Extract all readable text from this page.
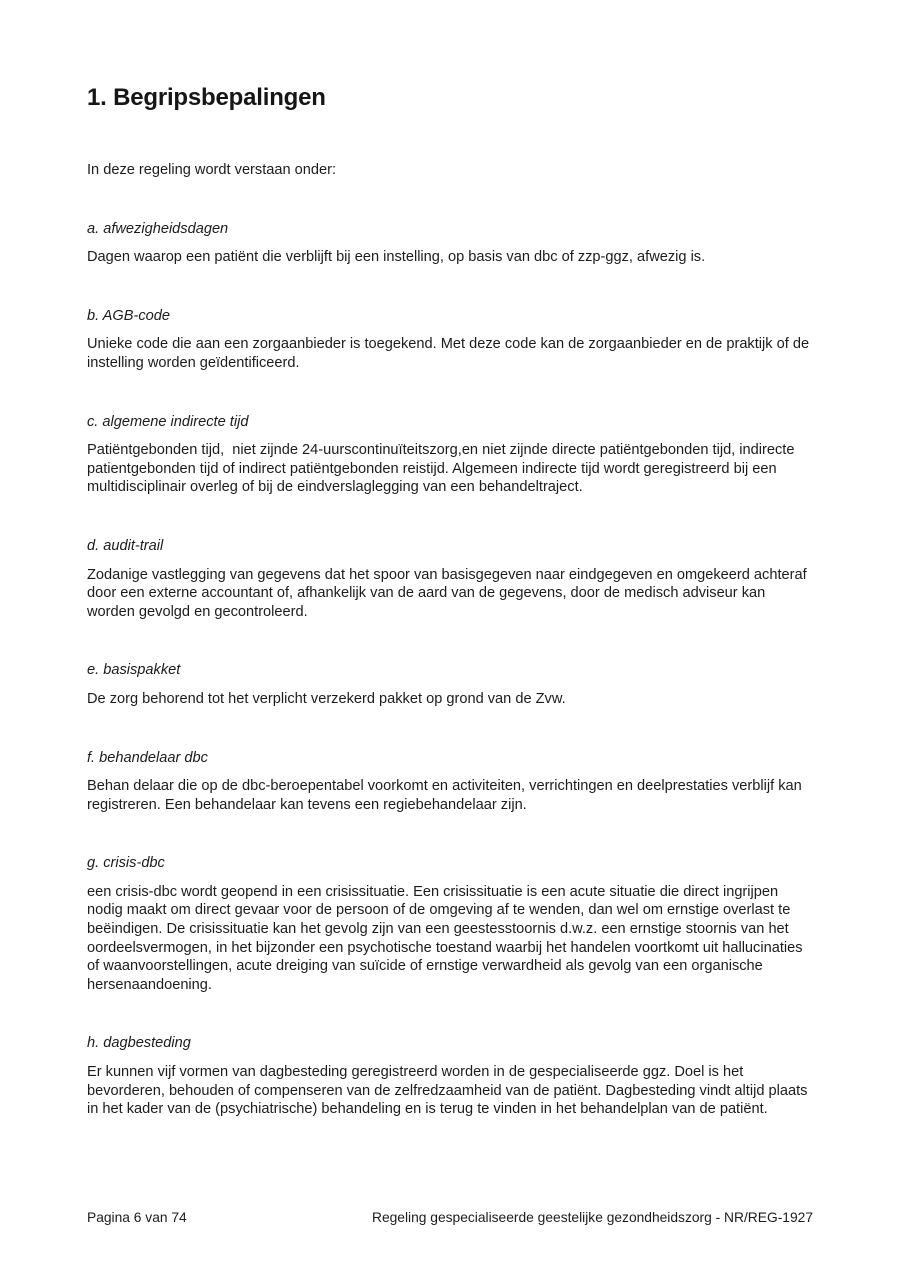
1. Begripsbepalingen

In deze regeling wordt verstaan onder:

a. afwezigheidsdagen

Dagen waarop een patiënt die verblijft bij een instelling, op basis van dbc of zzp-ggz, afwezig is.

b. AGB-code

Unieke code die aan een zorgaanbieder is toegekend. Met deze code kan de zorgaanbieder en de praktijk of de instelling worden geïdentificeerd.

c. algemene indirecte tijd

Patiëntgebonden tijd,  niet zijnde 24-uurscontinuïteitszorg,en niet zijnde directe patiëntgebonden tijd, indirecte patientgebonden tijd of indirect patiëntgebonden reistijd. Algemeen indirecte tijd wordt geregistreerd bij een multidisciplinair overleg of bij de eindverslaglegging van een behandeltraject.

d. audit-trail

Zodanige vastlegging van gegevens dat het spoor van basisgegeven naar eindgegeven en omgekeerd achteraf door een externe accountant of, afhankelijk van de aard van de gegevens, door de medisch adviseur kan worden gevolgd en gecontroleerd.

e. basispakket

De zorg behorend tot het verplicht verzekerd pakket op grond van de Zvw.

f. behandelaar dbc

Behan delaar die op de dbc-beroepentabel voorkomt en activiteiten, verrichtingen en deelprestaties verblijf kan registreren. Een behandelaar kan tevens een regiebehandelaar zijn.

g. crisis-dbc

een crisis-dbc wordt geopend in een crisissituatie. Een crisissituatie is een acute situatie die direct ingrijpen nodig maakt om direct gevaar voor de persoon of de omgeving af te wenden, dan wel om ernstige overlast te beëindigen. De crisissituatie kan het gevolg zijn van een geestesstoornis d.w.z. een ernstige stoornis van het oordeelsvermogen, in het bijzonder een psychotische toestand waarbij het handelen voortkomt uit hallucinaties of waanvoorstellingen, acute dreiging van suïcide of ernstige verwardheid als gevolg van een organische hersenaandoening.

h. dagbesteding

Er kunnen vijf vormen van dagbesteding geregistreerd worden in de gespecialiseerde ggz. Doel is het bevorderen, behouden of compenseren van de zelfredzaamheid van de patiënt. Dagbesteding vindt altijd plaats in het kader van de (psychiatrische) behandeling en is terug te vinden in het behandelplan van de patiënt.

Pagina 6 van 74	Regeling gespecialiseerde geestelijke gezondheidszorg - NR/REG-1927
